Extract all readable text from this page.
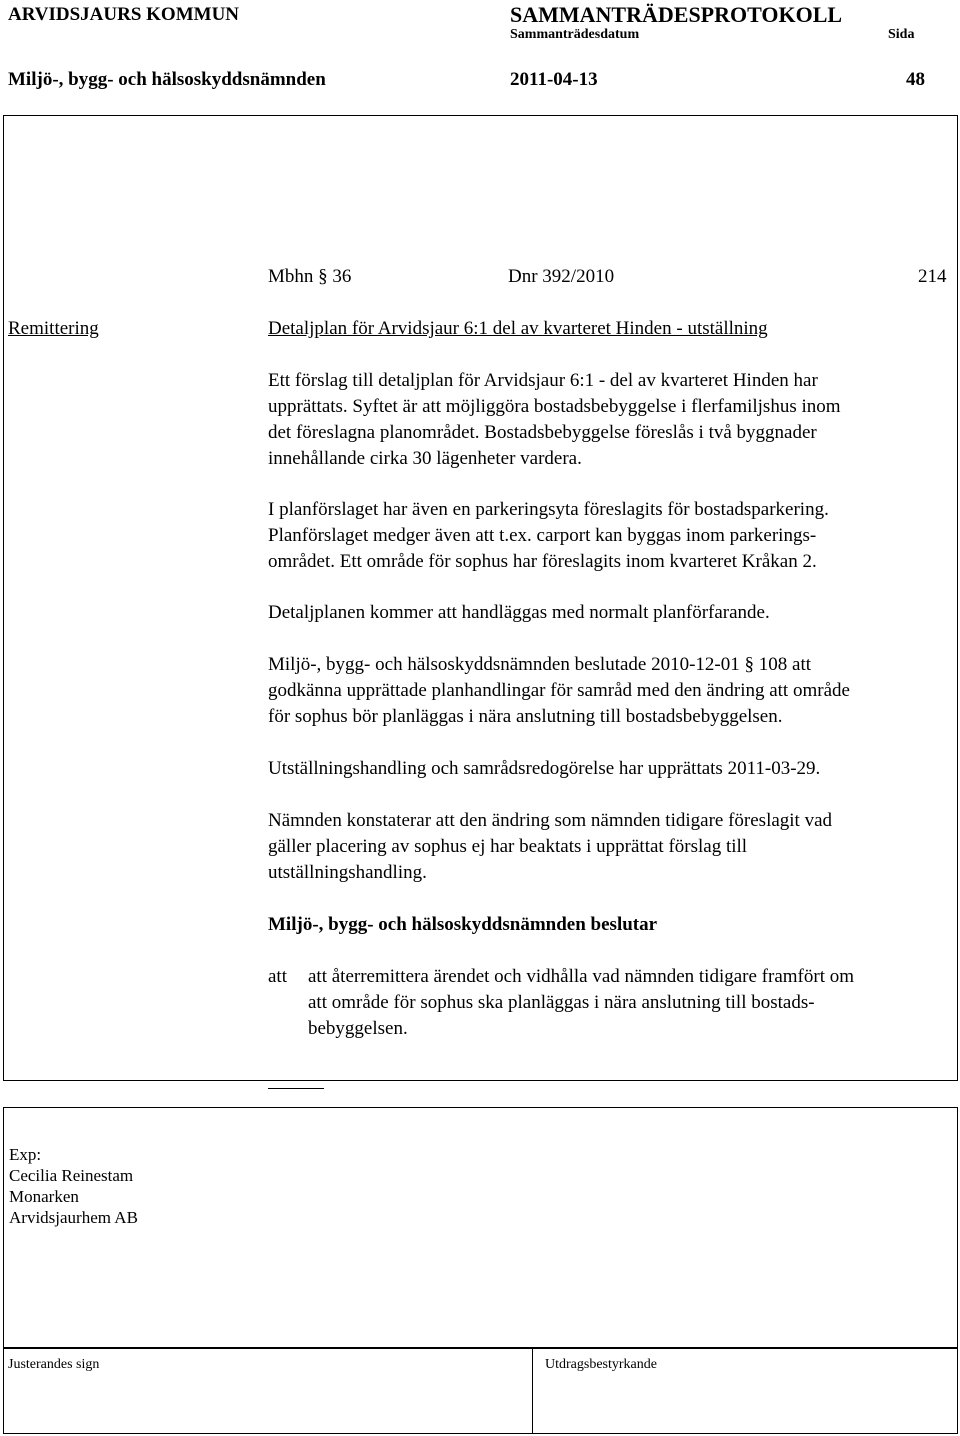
ARVIDSJAURS KOMMUN	SAMMANTRÄDESPROTOKOLL
Sammanträdesdatum	Sida
Miljö-, bygg- och hälsoskyddsnämnden	2011-04-13	48
Mbhn § 36	Dnr 392/2010	214
Remittering	Detaljplan för Arvidsjaur 6:1 del av kvarteret Hinden - utställning
Ett förslag till detaljplan för Arvidsjaur 6:1 - del av kvarteret Hinden har
upprättats. Syftet är att möjliggöra bostadsbebyggelse i flerfamiljshus inom
det föreslagna planområdet. Bostadsbebyggelse föreslås i två byggnader
innehållande cirka 30 lägenheter vardera.
I planförslaget har även en parkeringsyta föreslagits för bostadsparkering.
Planförslaget medger även att t.ex. carport kan byggas inom parkerings-
området. Ett område för sophus har föreslagits inom kvarteret Kråkan 2.
Detaljplanen kommer att handläggas med normalt planförfarande.
Miljö-, bygg- och hälsoskyddsnämnden beslutade 2010-12-01 § 108 att
godkänna upprättade planhandlingar för samråd med den ändring att område
för sophus bör planläggas i nära anslutning till bostadsbebyggelsen.
Utställningshandling och samrådsredogörelse har upprättats 2011-03-29.
Nämnden konstaterar att den ändring som nämnden tidigare föreslagit vad
gäller placering av sophus ej har beaktats i upprättat förslag till
utställningshandling.
Miljö-, bygg- och hälsoskyddsnämnden beslutar
att att återremittera ärendet och vidhålla vad nämnden tidigare framfört om
att område för sophus ska planläggas i nära anslutning till bostads-
bebyggelsen.
Exp:
Cecilia Reinestam
Monarken
Arvidsjaurhem AB
Justerandes sign	Utdragsbestyrkande
